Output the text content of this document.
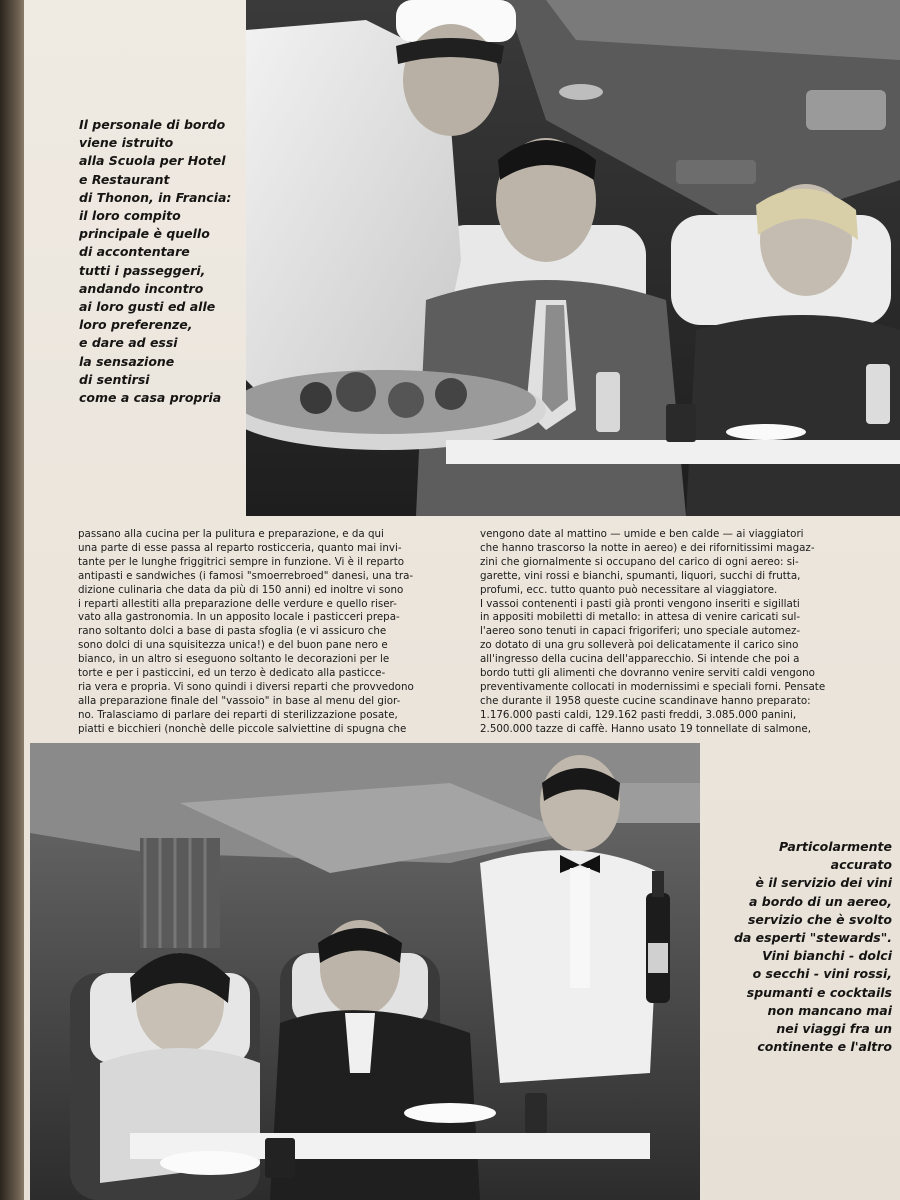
Il personale di bordo
viene istruito
alla Scuola per Hotel
e Restaurant
di Thonon, in Francia:
il loro compito
principale è quello
di accontentare
tutti i passeggeri,
andando incontro
ai loro gusti ed alle
loro preferenze,
e dare ad essi
la sensazione
di sentirsi
come a casa propria

passano alla cucina per la pulitura e preparazione, e da qui
una parte di esse passa al reparto rosticceria, quanto mai invi-
tante per le lunghe friggitrici sempre in funzione. Vi è il reparto
antipasti e sandwiches (i famosi "smoerrebroed" danesi, una tra-
dizione culinaria che data da più di 150 anni) ed inoltre vi sono
i reparti allestiti alla preparazione delle verdure e quello riser-
vato alla gastronomia. In un apposito locale i pasticceri prepa-
rano soltanto dolci a base di pasta sfoglia (e vi assicuro che
sono dolci di una squisitezza unica!) e del buon pane nero e
bianco, in un altro si eseguono soltanto le decorazioni per le
torte e per i pasticcini, ed un terzo è dedicato alla pasticce-
ria vera e propria. Vi sono quindi i diversi reparti che provvedono
alla preparazione finale del "vassoio" in base al menu del gior-
no. Tralasciamo di parlare dei reparti di sterilizzazione posate,
piatti e bicchieri (nonchè delle piccole salviettine di spugna che

vengono date al mattino — umide e ben calde — ai viaggiatori
che hanno trascorso la notte in aereo) e dei rifornitissimi magaz-
zini che giornalmente si occupano del carico di ogni aereo: si-
garette, vini rossi e bianchi, spumanti, liquori, succhi di frutta,
profumi, ecc. tutto quanto può necessitare al viaggiatore.
I vassoi contenenti i pasti già pronti vengono inseriti e sigillati
in appositi mobiletti di metallo: in attesa di venire caricati sul-
l'aereo sono tenuti in capaci frigoriferi; uno speciale automez-
zo dotato di una gru solleverà poi delicatamente il carico sino
all'ingresso della cucina dell'apparecchio. Si intende che poi a
bordo tutti gli alimenti che dovranno venire serviti caldi vengono
preventivamente collocati in modernissimi e speciali forni. Pensate
che durante il 1958 queste cucine scandinave hanno preparato:
1.176.000 pasti caldi, 129.162 pasti freddi, 3.085.000 panini,
2.500.000 tazze di caffè. Hanno usato 19 tonnellate di salmone,

Particolarmente
accurato
è il servizio dei vini
a bordo di un aereo,
servizio che è svolto
da esperti "stewards".
Vini bianchi - dolci
o secchi - vini rossi,
spumanti e cocktails
non mancano mai
nei viaggi fra un
continente e l'altro
